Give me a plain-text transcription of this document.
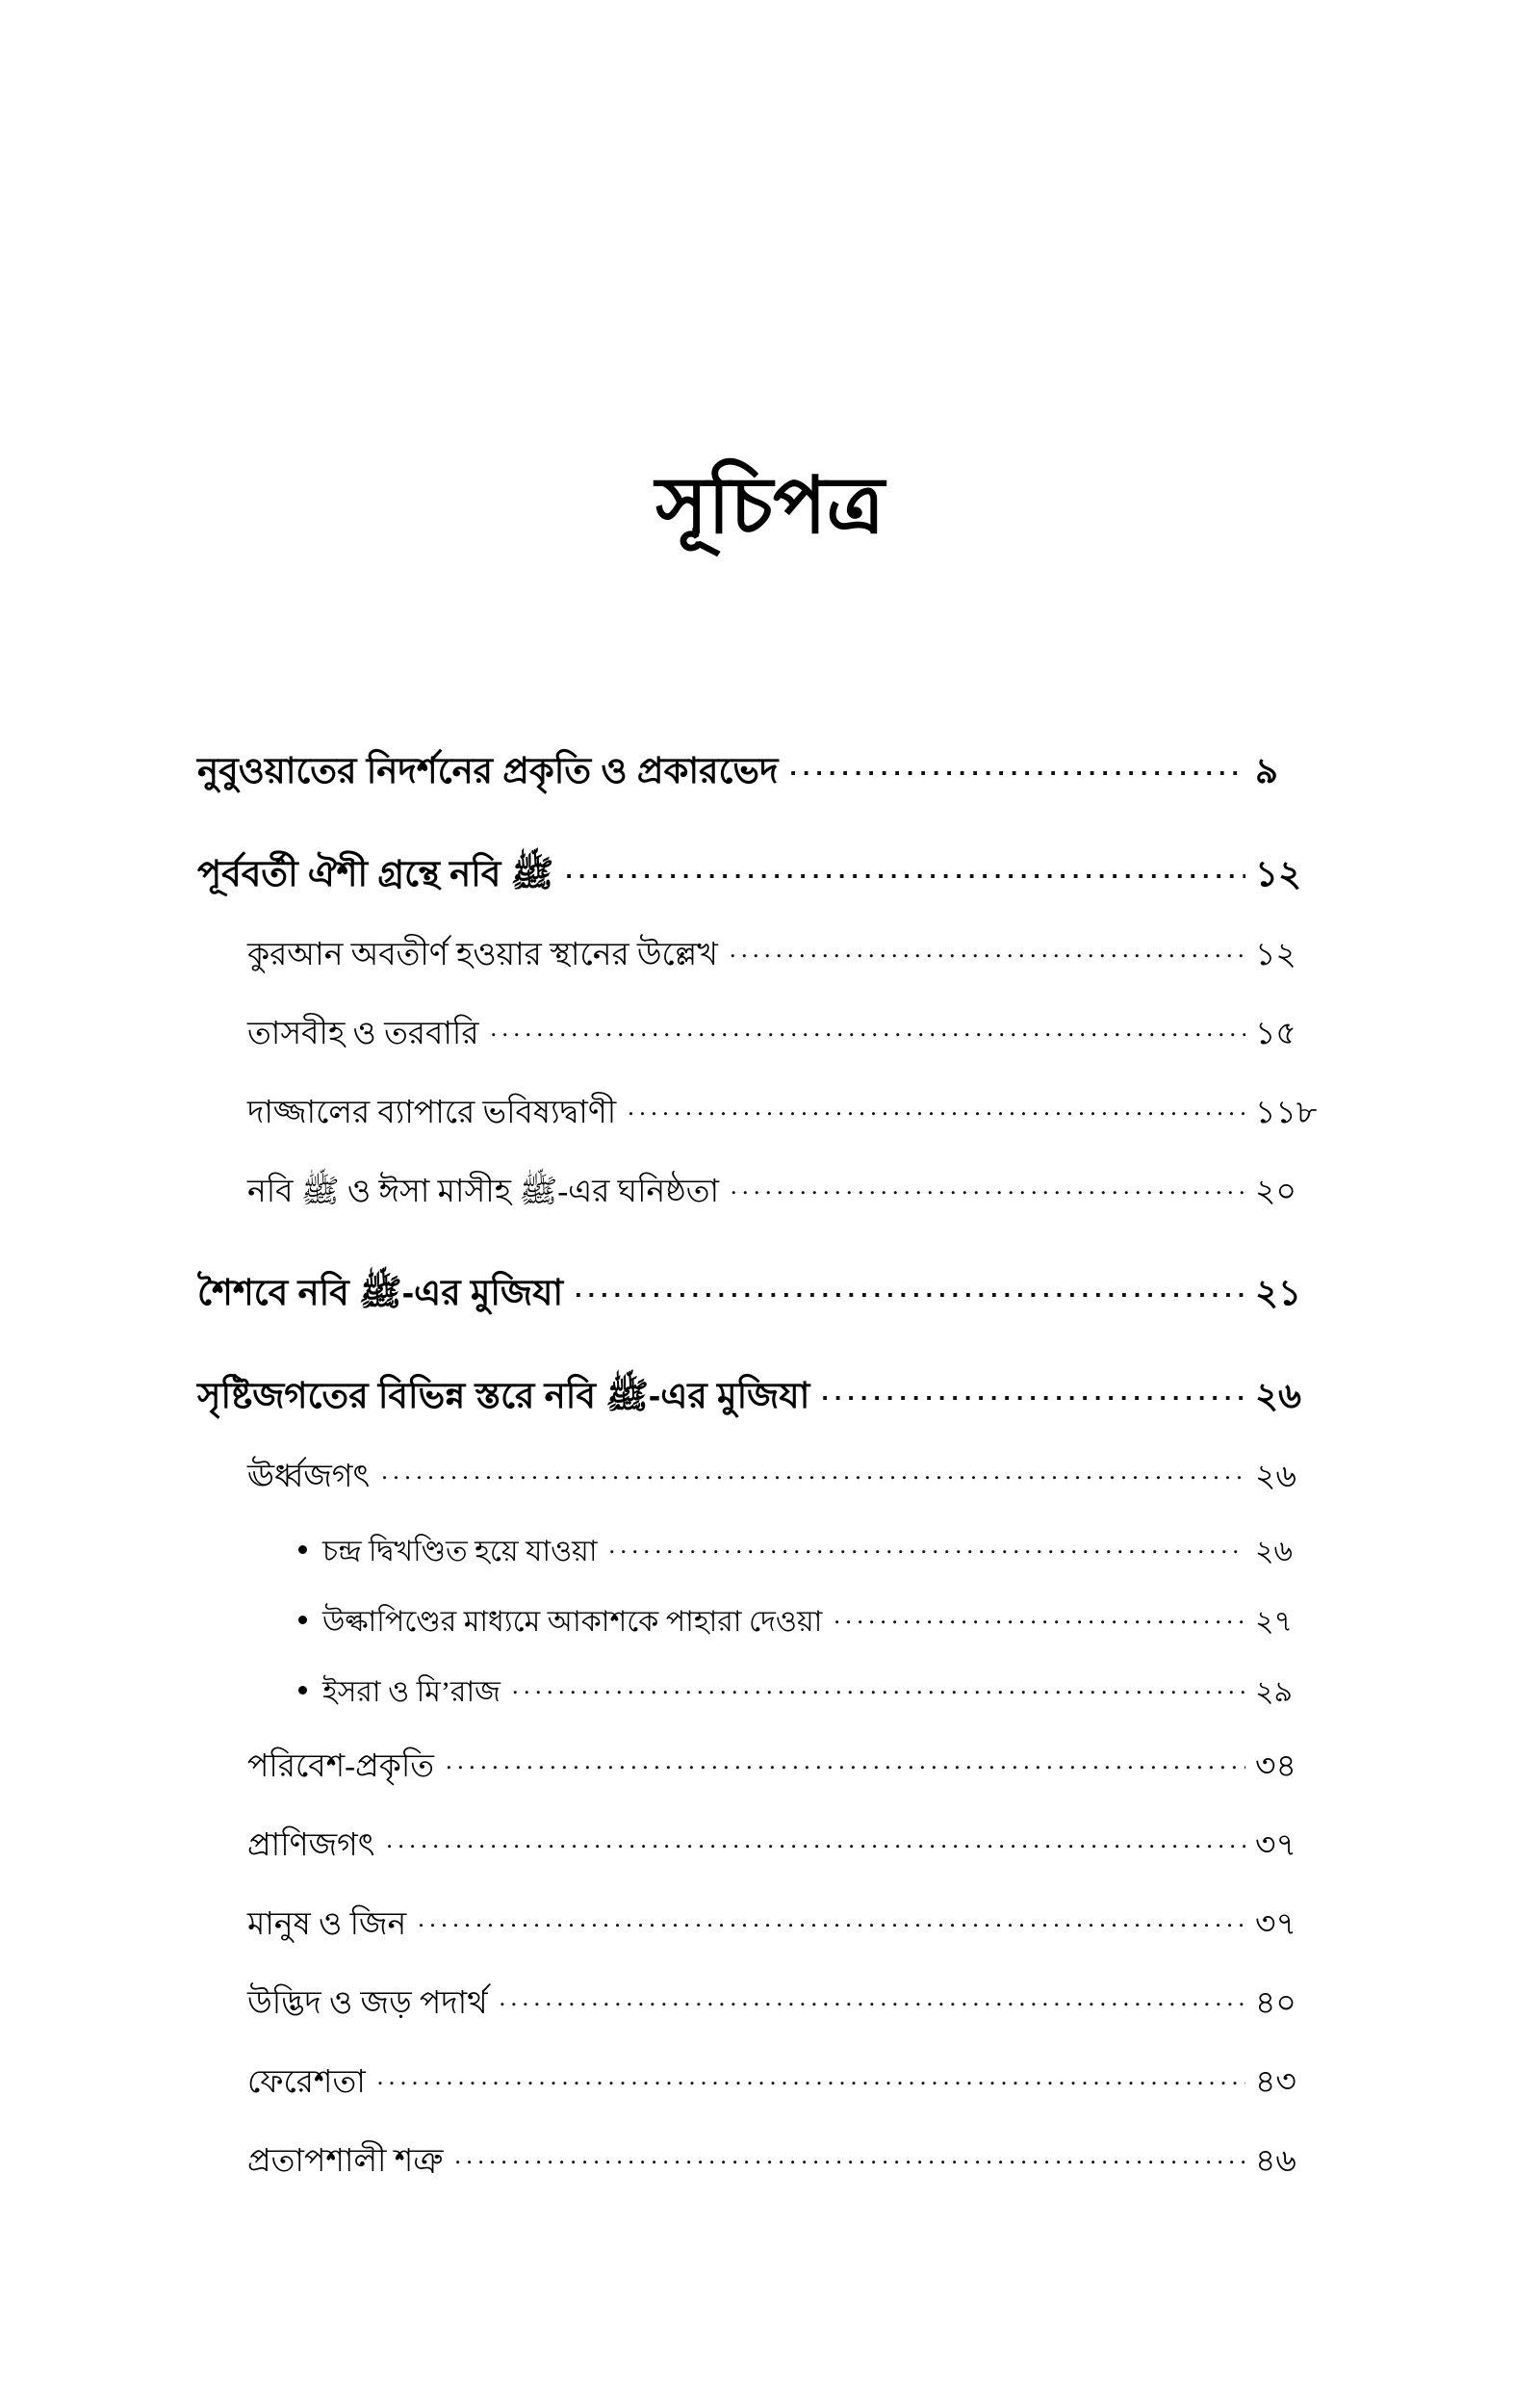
সূচিপত্র
নুবুওয়াতের নিদর্শনের প্রকৃতি ও প্রকারভেদ .....	৯
পূর্ববর্তী ঐশী গ্রন্থে নবি ﷺ .....	১২
কুরআন অবতীর্ণ হওয়ার স্থানের উল্লেখ .....	১২
তাসবীহ ও তরবারি .....	১৫
দাজ্জালের ব্যাপারে ভবিষ্যদ্বাণী .....	১১৮
নবি ﷺ ও ঈসা মাসীহ ﷺ-এর ঘনিষ্ঠতা .....	২০
শৈশবে নবি ﷺ-এর মুজিযা .....	২১
সৃষ্টিজগতের বিভিন্ন স্তরে নবি ﷺ-এর মুজিযা .....	২৬
ঊর্ধ্বজগৎ .....	২৬
চন্দ্র দ্বিখণ্ডিত হয়ে যাওয়া .....	২৬
উল্কাপিণ্ডের মাধ্যমে আকাশকে পাহারা দেওয়া .....	২৭
ইসরা ও মি’রাজ .....	২৯
পরিবেশ-প্রকৃতি .....	৩৪
প্রাণিজগৎ .....	৩৭
মানুষ ও জিন .....	৩৭
উদ্ভিদ ও জড় পদার্থ .....	৪০
ফেরেশতা .....	৪৩
প্রতাপশালী শত্রু .....	৪৬
